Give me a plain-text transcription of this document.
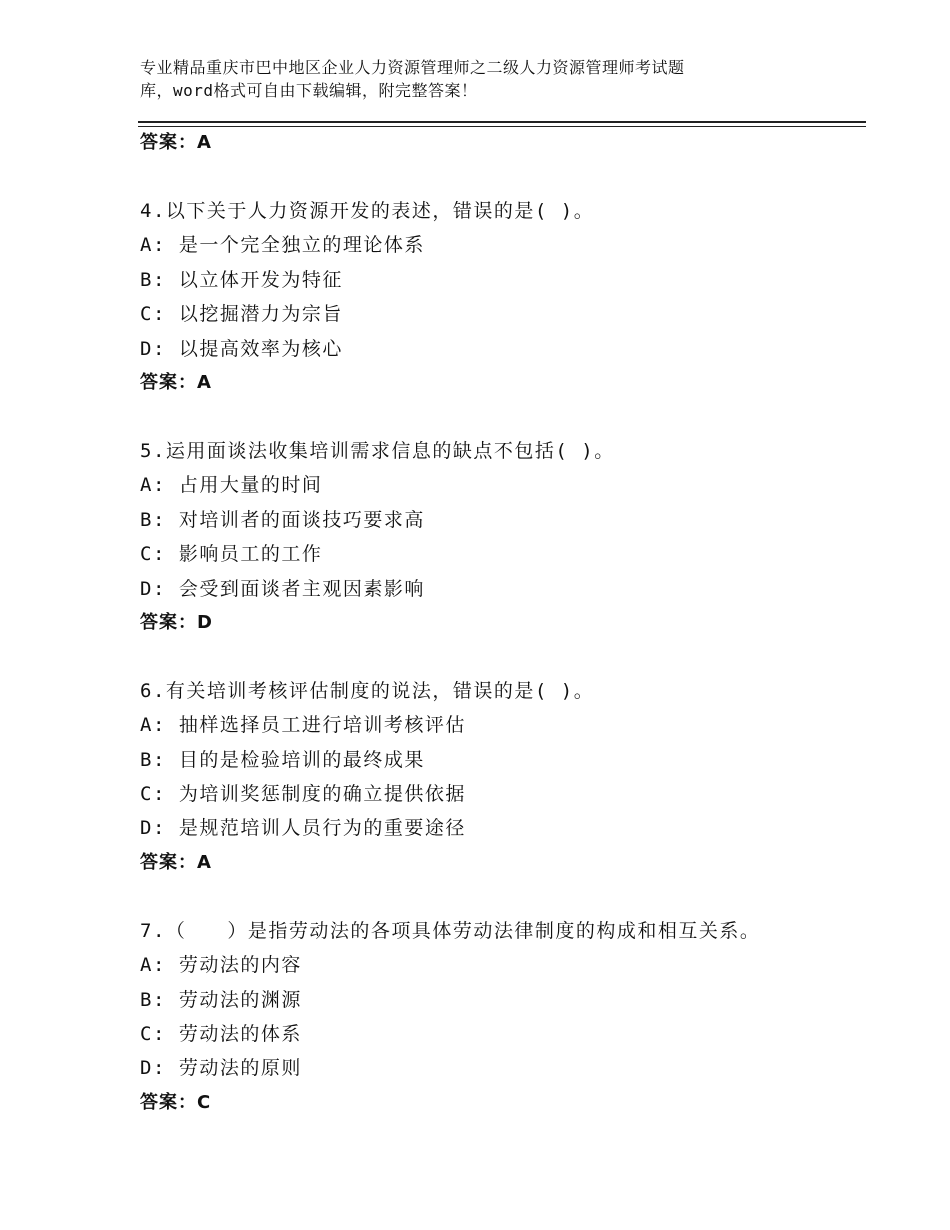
专业精品重庆市巴中地区企业人力资源管理师之二级人力资源管理师考试题
库，word格式可自由下载编辑，附完整答案！
答案：A
4.以下关于人力资源开发的表述，错误的是( )。
A: 是一个完全独立的理论体系
B: 以立体开发为特征
C: 以挖掘潜力为宗旨
D: 以提高效率为核心
答案：A
5.运用面谈法收集培训需求信息的缺点不包括( )。
A: 占用大量的时间
B: 对培训者的面谈技巧要求高
C: 影响员工的工作
D: 会受到面谈者主观因素影响
答案：D
6.有关培训考核评估制度的说法，错误的是( )。
A: 抽样选择员工进行培训考核评估
B: 目的是检验培训的最终成果
C: 为培训奖惩制度的确立提供依据
D: 是规范培训人员行为的重要途径
答案：A
7.（　　）是指劳动法的各项具体劳动法律制度的构成和相互关系。
A: 劳动法的内容
B: 劳动法的渊源
C: 劳动法的体系
D: 劳动法的原则
答案：C
